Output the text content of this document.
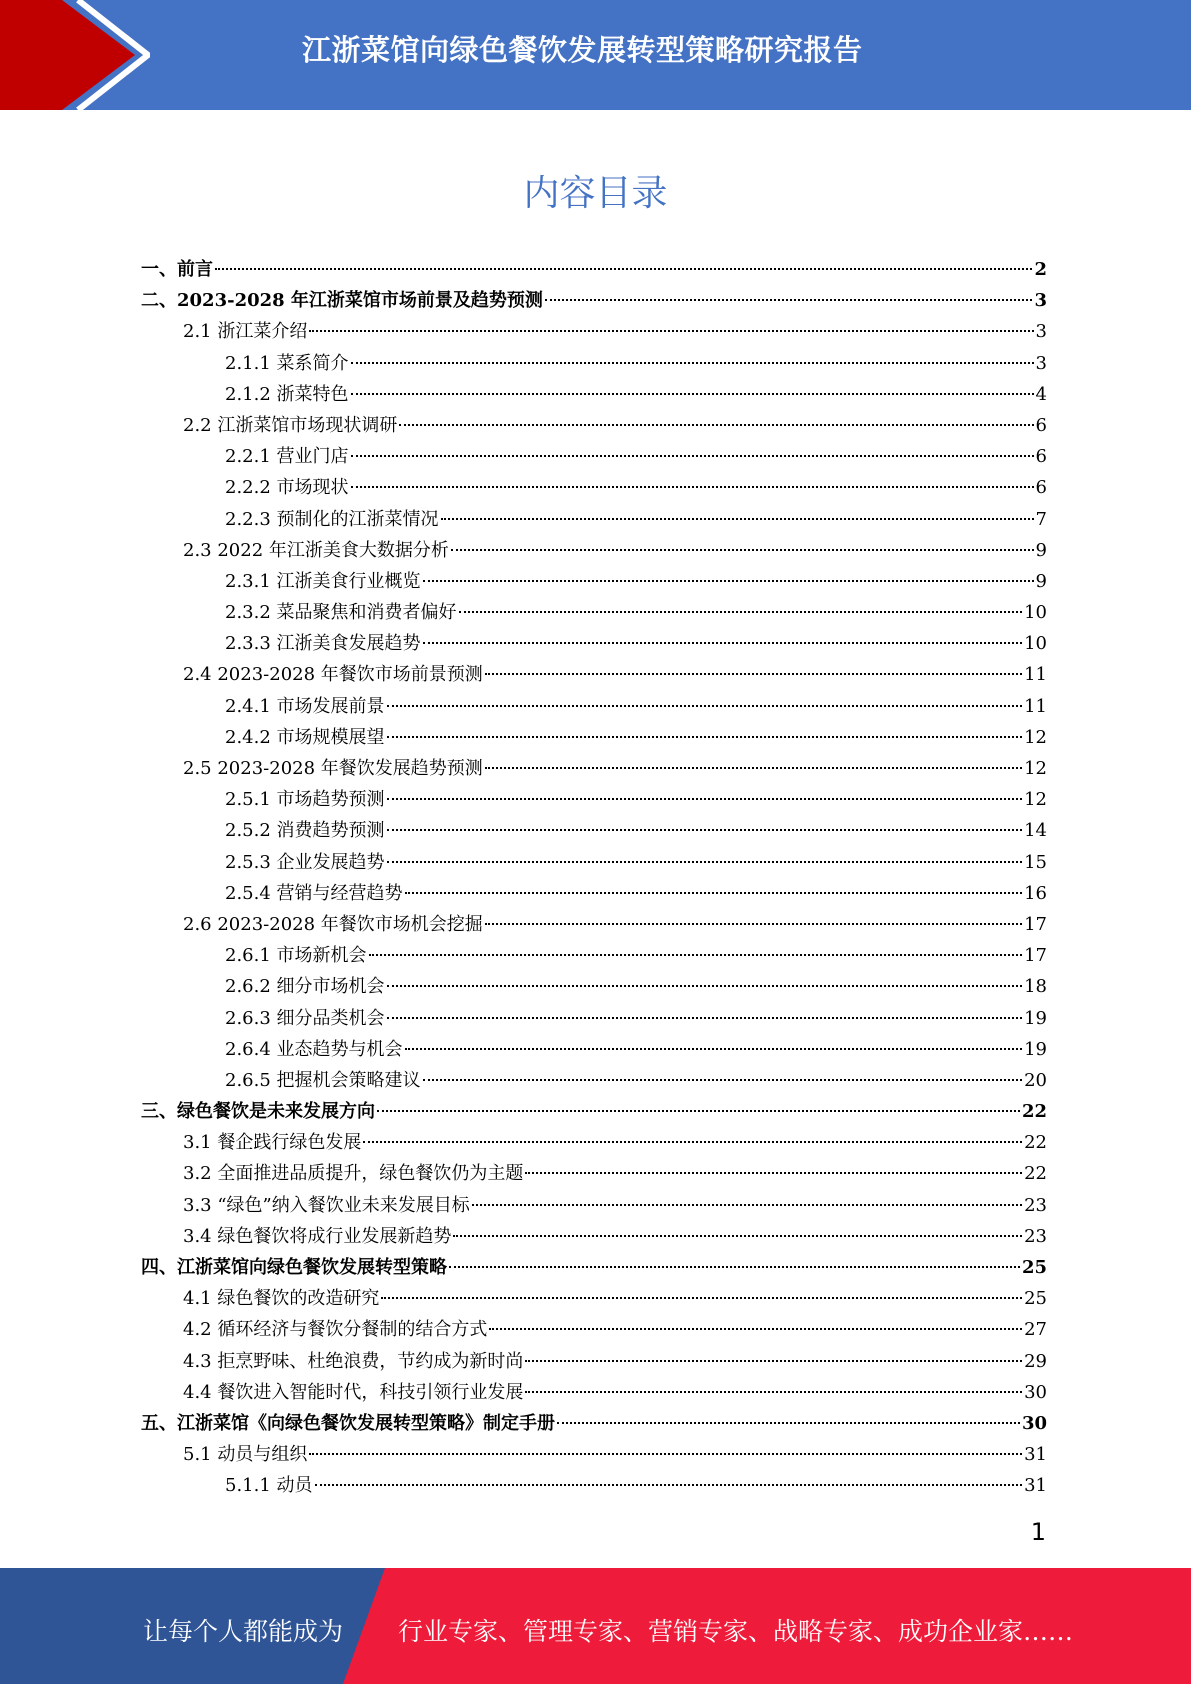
江浙菜馆向绿色餐饮发展转型策略研究报告
内容目录
一、前言	2
二、2023-2028 年江浙菜馆市场前景及趋势预测	3
2.1 浙江菜介绍	3
2.1.1 菜系简介	3
2.1.2 浙菜特色	4
2.2 江浙菜馆市场现状调研	6
2.2.1 营业门店	6
2.2.2 市场现状	6
2.2.3 预制化的江浙菜情况	7
2.3 2022 年江浙美食大数据分析	9
2.3.1 江浙美食行业概览	9
2.3.2 菜品聚焦和消费者偏好	10
2.3.3 江浙美食发展趋势	10
2.4 2023-2028 年餐饮市场前景预测	11
2.4.1 市场发展前景	11
2.4.2 市场规模展望	12
2.5 2023-2028 年餐饮发展趋势预测	12
2.5.1 市场趋势预测	12
2.5.2 消费趋势预测	14
2.5.3 企业发展趋势	15
2.5.4 营销与经营趋势	16
2.6 2023-2028 年餐饮市场机会挖掘	17
2.6.1 市场新机会	17
2.6.2 细分市场机会	18
2.6.3 细分品类机会	19
2.6.4 业态趋势与机会	19
2.6.5 把握机会策略建议	20
三、绿色餐饮是未来发展方向	22
3.1 餐企践行绿色发展	22
3.2 全面推进品质提升，绿色餐饮仍为主题	22
3.3 “绿色”纳入餐饮业未来发展目标	23
3.4 绿色餐饮将成行业发展新趋势	23
四、江浙菜馆向绿色餐饮发展转型策略	25
4.1 绿色餐饮的改造研究	25
4.2 循环经济与餐饮分餐制的结合方式	27
4.3 拒烹野味、杜绝浪费，节约成为新时尚	29
4.4 餐饮进入智能时代，科技引领行业发展	30
五、江浙菜馆《向绿色餐饮发展转型策略》制定手册	30
5.1 动员与组织	31
5.1.1 动员	31
1
让每个人都能成为 行业专家、管理专家、营销专家、战略专家、成功企业家……
